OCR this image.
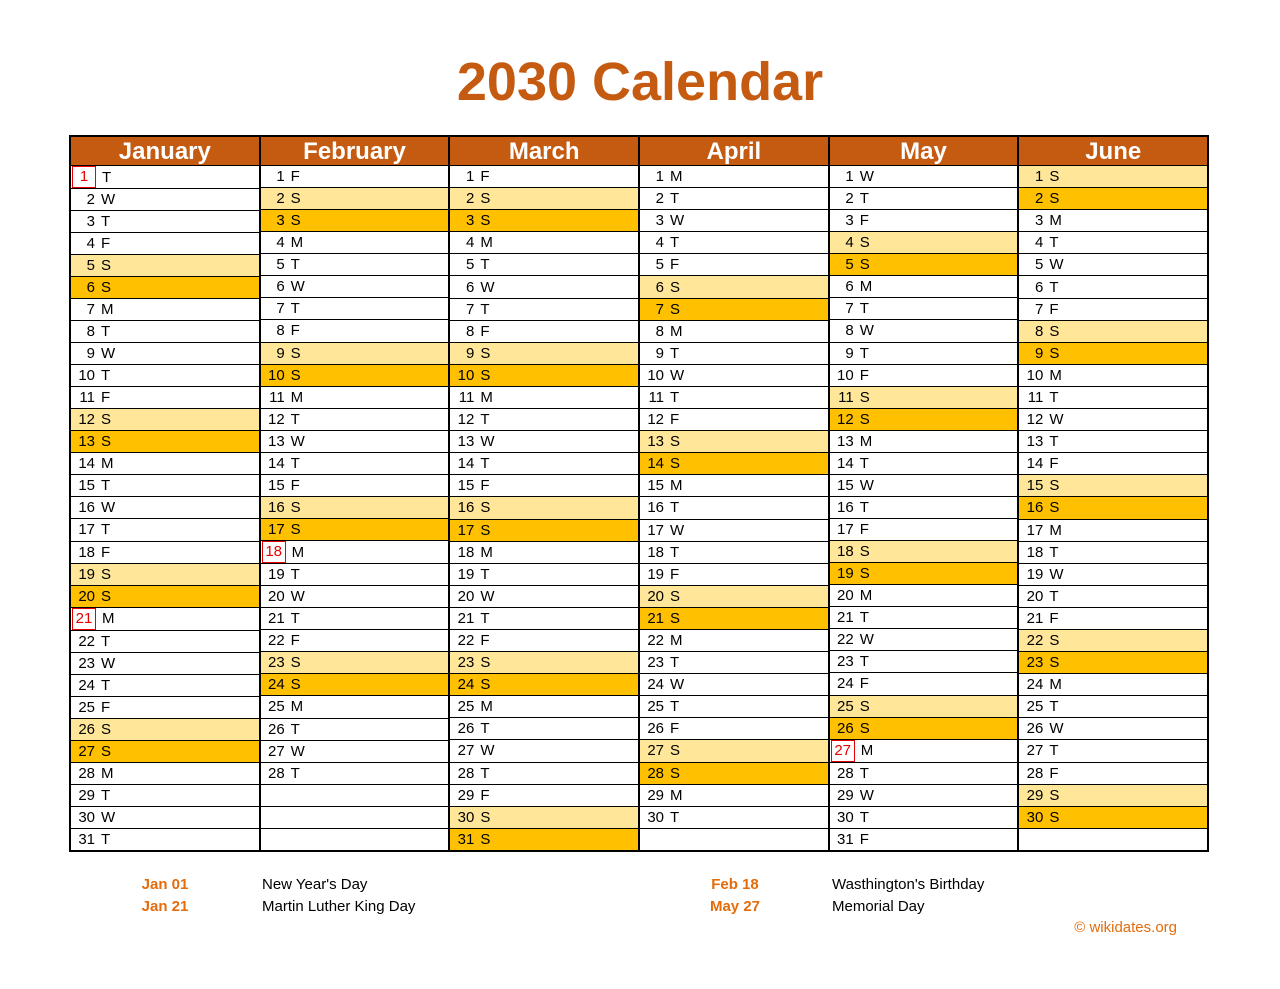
2030 Calendar
January
1 T
2 W
3 T
4 F
5 S
6 S
7 M
8 T
9 W
10 T
11 F
12 S
13 S
14 M
15 T
16 W
17 T
18 F
19 S
20 S
21 M
22 T
23 W
24 T
25 F
26 S
27 S
28 M
29 T
30 W
31 T
February
1 F
2 S
3 S
4 M
5 T
6 W
7 T
8 F
9 S
10 S
11 M
12 T
13 W
14 T
15 F
16 S
17 S
18 M
19 T
20 W
21 T
22 F
23 S
24 S
25 M
26 T
27 W
28 T
March
1 F
2 S
3 S
4 M
5 T
6 W
7 T
8 F
9 S
10 S
11 M
12 T
13 W
14 T
15 F
16 S
17 S
18 M
19 T
20 W
21 T
22 F
23 S
24 S
25 M
26 T
27 W
28 T
29 F
30 S
31 S
April
1 M
2 T
3 W
4 T
5 F
6 S
7 S
8 M
9 T
10 W
11 T
12 F
13 S
14 S
15 M
16 T
17 W
18 T
19 F
20 S
21 S
22 M
23 T
24 W
25 T
26 F
27 S
28 S
29 M
30 T
May
1 W
2 T
3 F
4 S
5 S
6 M
7 T
8 W
9 T
10 F
11 S
12 S
13 M
14 T
15 W
16 T
17 F
18 S
19 S
20 M
21 T
22 W
23 T
24 F
25 S
26 S
27 M
28 T
29 W
30 T
31 F
June
1 S
2 S
3 M
4 T
5 W
6 T
7 F
8 S
9 S
10 M
11 T
12 W
13 T
14 F
15 S
16 S
17 M
18 T
19 W
20 T
21 F
22 S
23 S
24 M
25 T
26 W
27 T
28 F
29 S
30 S
Jan 01	New Year's Day
Jan 21	Martin Luther King Day
Feb 18	Wasthington's Birthday
May 27	Memorial Day
© wikidates.org
